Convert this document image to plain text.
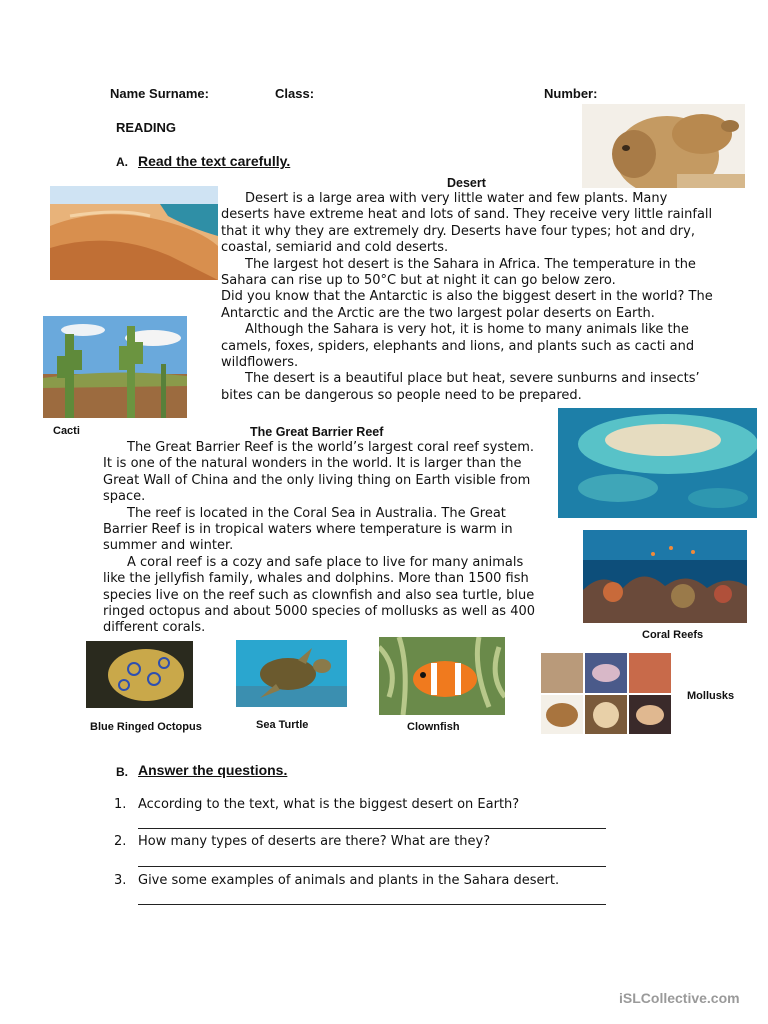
Name Surname:	Class:	Number:
READING
A. Read the text carefully.
Cacti
Desert

Desert is a large area with very little water and few plants. Many deserts have extreme heat and lots of sand. They receive very little rainfall that it why they are extremely dry. Deserts have four types; hot and dry, coastal, semiarid and cold deserts.

The largest hot desert is the Sahara in Africa. The temperature in the Sahara can rise up to 50°C but at night it can go below zero.

Did you know that the Antarctic is also the biggest desert in the world? The Antarctic and the Arctic are the two largest polar deserts on Earth.

Although the Sahara is very hot, it is home to many animals like the camels, foxes, spiders, elephants and lions, and plants such as cacti and wildflowers.

The desert is a beautiful place but heat, severe sunburns and insects’ bites can be dangerous so people need to be prepared.

The Great Barrier Reef

The Great Barrier Reef is the world’s largest coral reef system. It is one of the natural wonders in the world. It is larger than the Great Wall of China and the only living thing on Earth visible from space.

The reef is located in the Coral Sea in Australia. The Great Barrier Reef is in tropical waters where temperature is warm in summer and winter.

A coral reef is a cozy and safe place to live for many animals like the jellyfish family, whales and dolphins. More than 1500 fish species live on the reef such as clownfish and also sea turtle, blue ringed octopus and about 5000 species of mollusks as well as 400 different corals.	Coral Reefs
Blue Ringed Octopus	Sea Turtle	Clownfish
Mollusks
B. Answer the questions.
1. According to the text, what is the biggest desert on Earth?
2. How many types of deserts are there? What are they?
3. Give some examples of animals and plants in the Sahara desert.
iSLCollective.com
